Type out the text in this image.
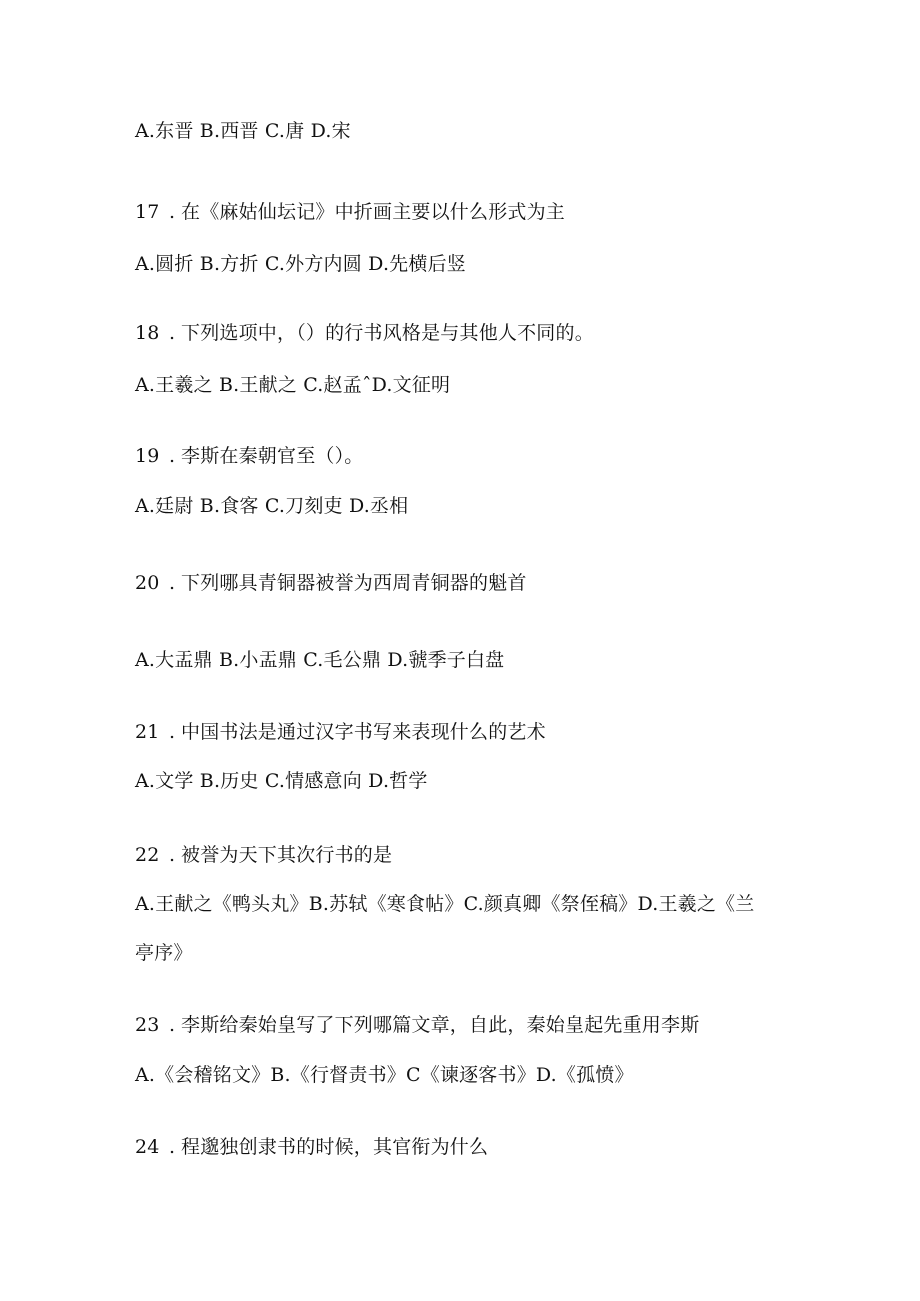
A.东晋 B.西晋 C.唐 D.宋
17 . 在《麻姑仙坛记》中折画主要以什么形式为主
A.圆折 B.方折 C.外方内圆 D.先横后竖
18 . 下列选项中，（）的行书风格是与其他人不同的。
A.王羲之 B.王献之 C.赵孟ˆD.文征明
19 . 李斯在秦朝官至（）。
A.廷尉 B.食客 C.刀刻吏 D.丞相
20 . 下列哪具青铜器被誉为西周青铜器的魁首
A.大盂鼎 B.小盂鼎 C.毛公鼎 D.虢季子白盘
21 . 中国书法是通过汉字书写来表现什么的艺术
A.文学 B.历史 C.情感意向 D.哲学
22 . 被誉为天下其次行书的是
A.王献之《鸭头丸》B.苏轼《寒食帖》C.颜真卿《祭侄稿》D.王羲之《兰
亭序》
23 . 李斯给秦始皇写了下列哪篇文章，自此，秦始皇起先重用李斯
A.《会稽铭文》B.《行督责书》C《谏逐客书》D.《孤愤》
24 . 程邈独创隶书的时候，其官衔为什么
